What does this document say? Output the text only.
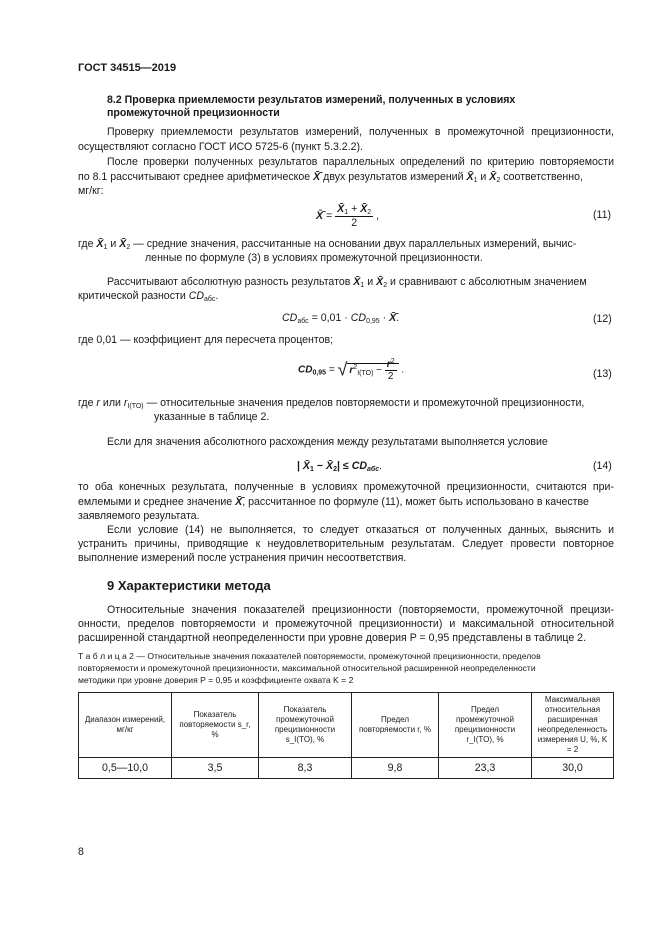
ГОСТ 34515—2019
8.2 Проверка приемлемости результатов измерений, полученных в условиях
промежуточной прецизионности
Проверку приемлемости результатов измерений, полученных в промежуточной прецизионности,
осуществляют согласно ГОСТ ИСО 5725-6 (пункт 5.3.2.2).
После проверки полученных результатов параллельных определений по критерию повторяемости
по 8.1 рассчитывают среднее арифметическое X̄̄ двух результатов измерений $X̄_1$ и $X̄_2$ соответственно,
мг/кг:
X̄̄ = $\frac{X̄_1 + X̄_2}{2}$ ,	(11)
где $X̄_1$ и $X̄_2$ — средние значения, рассчитанные на основании двух параллельных измерений, вычис-
ленные по формуле (3) в условиях промежуточной прецизионности.
Рассчитывают абсолютную разность результатов $X̄_1$ и $X̄_2$ и сравнивают с абсолютным значением
критической разности $CD_{абс}$.
$CD_{абс} = 0,01 \cdot CD_{0,95}$ · X̄̄.	(12)
где 0,01 — коэффициент для пересчета процентов;
$CD_{0,95}$ = √ $r^2_{I(TO)} - \frac{r^2}{2}$ .	(13)
где r или $r_{I(TO)}$ — относительные значения пределов повторяемости и промежуточной прецизионности,
указанные в таблице 2.
Если для значения абсолютного расхождения между результатами выполняется условие
| $X̄_1$ − $X̄_2| \le CD_{абс}$.	(14)
то оба конечных результата, полученные в условиях промежуточной прецизионности, считаются при-
емлемыми и среднее значение X̄̄, рассчитанное по формуле (11), может быть использовано в качестве
заявляемого результата.
Если условие (14) не выполняется, то следует отказаться от полученных данных, выяснить и
устранить причины, приводящие к неудовлетворительным результатам. Следует провести повторное
выполнение измерений после устранения причин несоответствия.
9 Характеристики метода
Относительные значения показателей прецизионности (повторяемости, промежуточной прецизи-
онности, пределов повторяемости и промежуточной прецизионности) и максимальной относительной
расширенной стандартной неопределенности при уровне доверия P = 0,95 представлены в таблице 2.
Т а б л и ц а 2 — Относительные значения показателей повторяемости, промежуточной прецизионности, пределов
повторяемости и промежуточной прецизионности, максимальной относительной расширенной неопределенности
методики при уровне доверия P = 0,95 и коэффициенте охвата K = 2
Диапазон измерений, мг/кг	Показатель повторяемости s_r, %	Показатель промежуточной прецизионности s_I(TO), %	Предел повторяемости r, %	Предел промежуточной прецизионности r_I(TO), %	Максимальная относительная расширенная неопределенность измерения U, %, K = 2
0,5—10,0	3,5	8,3	9,8	23,3	30,0
8
